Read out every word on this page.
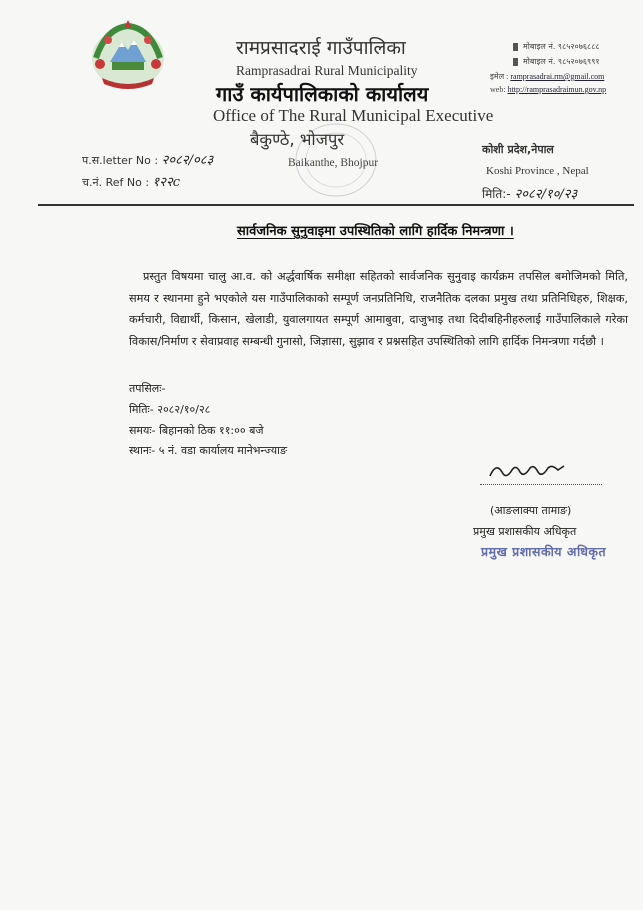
रामप्रसादराई गाउँपालिका
Ramprasadrai Rural Municipality
गाउँ कार्यपालिकाको कार्यालय
Office of The Rural Municipal Executive
बैकुण्ठे, भोजपुर
Baikanthe, Bhojpur
मोबाइल नं. ९८५२०७६८८८
मोबाइल नं. ९८५२०७६९९१
इमेल : ramprasadrai.rm@gmail.com
web: http://ramprasadraimun.gov.np
प.स.letter No : २०८२/०८३
च.नं. Ref No : १२२c
कोशी प्रदेश,नेपाल
Koshi Province , Nepal
मिति:- २०८२/१०/२३
सार्वजनिक सुनुवाइमा उपस्थितिको लागि हार्दिक निमन्त्रणा ।
प्रस्तुत विषयमा चालु आ.व. को अर्द्धवार्षिक समीक्षा सहितको सार्वजनिक सुनुवाइ कार्यक्रम तपसिल बमोजिमको मिति, समय र स्थानमा हुने भएकोले यस गाउँपालिकाको सम्पूर्ण जनप्रतिनिधि, राजनैतिक दलका प्रमुख तथा प्रतिनिधिहरु, शिक्षक, कर्मचारी, विद्यार्थी, किसान, खेलाडी, युवालगायत सम्पूर्ण आमाबुवा, दाजुभाइ तथा दिदीबहिनीहरुलाई गाउँपालिकाले गरेका विकास/निर्माण र सेवाप्रवाह सम्बन्धी गुनासो, जिज्ञासा, सुझाव र प्रश्नसहित उपस्थितिको लागि हार्दिक निमन्त्रणा गर्दछौ ।
तपसिलः-
मितिः- २०८२/१०/२८
समयः- बिहानको ठिक ११:०० बजे
स्थानः- ५ नं. वडा कार्यालय मानेभन्ज्याङ
(आङलाक्पा तामाङ)
प्रमुख प्रशासकीय अधिकृत
प्रमुख प्रशासकीय अधिकृत
